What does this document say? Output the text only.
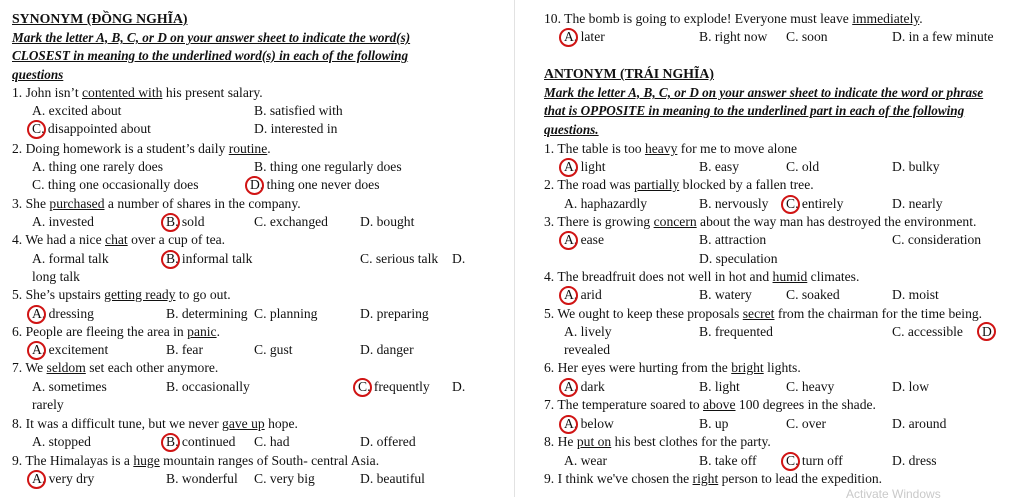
SYNONYM (ĐỒNG NGHĨA)
Mark the letter A, B, C, or D on your answer sheet to indicate the word(s)
CLOSEST in meaning to the underlined word(s) in each of the following
questions
1. John isn’t contented with his present salary.
A. excited about	B. satisfied with
C. disappointed about	D. interested in
2. Doing homework is a student’s daily routine.
A. thing one rarely does	B. thing one regularly does
C. thing one occasionally does	D. thing one never does
3. She purchased a number of shares in the company.
A. invested	B. sold	C. exchanged D. bought
4. We had a nice chat over a cup of tea.
A. formal talk	B. informal talk	C. serious talk D.
long talk
5. She’s upstairs getting ready to go out.
A. dressing	B. determining C. planning	D. preparing
6. People are fleeing the area in panic.
A. excitement	B. fear	C. gust	D. danger
7. We seldom set each other anymore.
A. sometimes	B. occasionally	C. frequently D.
rarely
8. It was a difficult tune, but we never gave up hope.
A. stopped	B. continued C. had	D. offered
9. The Himalayas is a huge mountain ranges of South- central Asia.
A. very dry	B. wonderful C. very big	D. beautiful
10. The bomb is going to explode! Everyone must leave immediately.
A. later	B. right now C. soon	D. in a few minute
ANTONYM (TRÁI NGHĨA)
Mark the letter A, B, C, or D on your answer sheet to indicate the word or phrase
that is OPPOSITE in meaning to the underlined part in each of the following
questions.
1. The table is too heavy for me to move alone
A. light	B. easy	C. old	D. bulky
2. The road was partially blocked by a fallen tree.
A. haphazardly	B. nervously C. entirely	D. nearly
3. There is growing concern about the way man has destroyed the environment.
A. ease	B. attraction	C. consideration
D. speculation
4. The breadfruit does not well in hot and humid climates.
A. arid	B. watery	C. soaked	D. moist
5. We ought to keep these proposals secret from the chairman for the time being.
A. lively	B. frequented	C. accessible D.
revealed
6. Her eyes were hurting from the bright lights.
A. dark	B. light	C. heavy	D. low
7. The temperature soared to above 100 degrees in the shade.
A. below	B. up	C. over	D. around
8. He put on his best clothes for the party.
A. wear	B. take off C. turn off	D. dress
9. I think we've chosen the right person to lead the expedition.
Activate Windows
